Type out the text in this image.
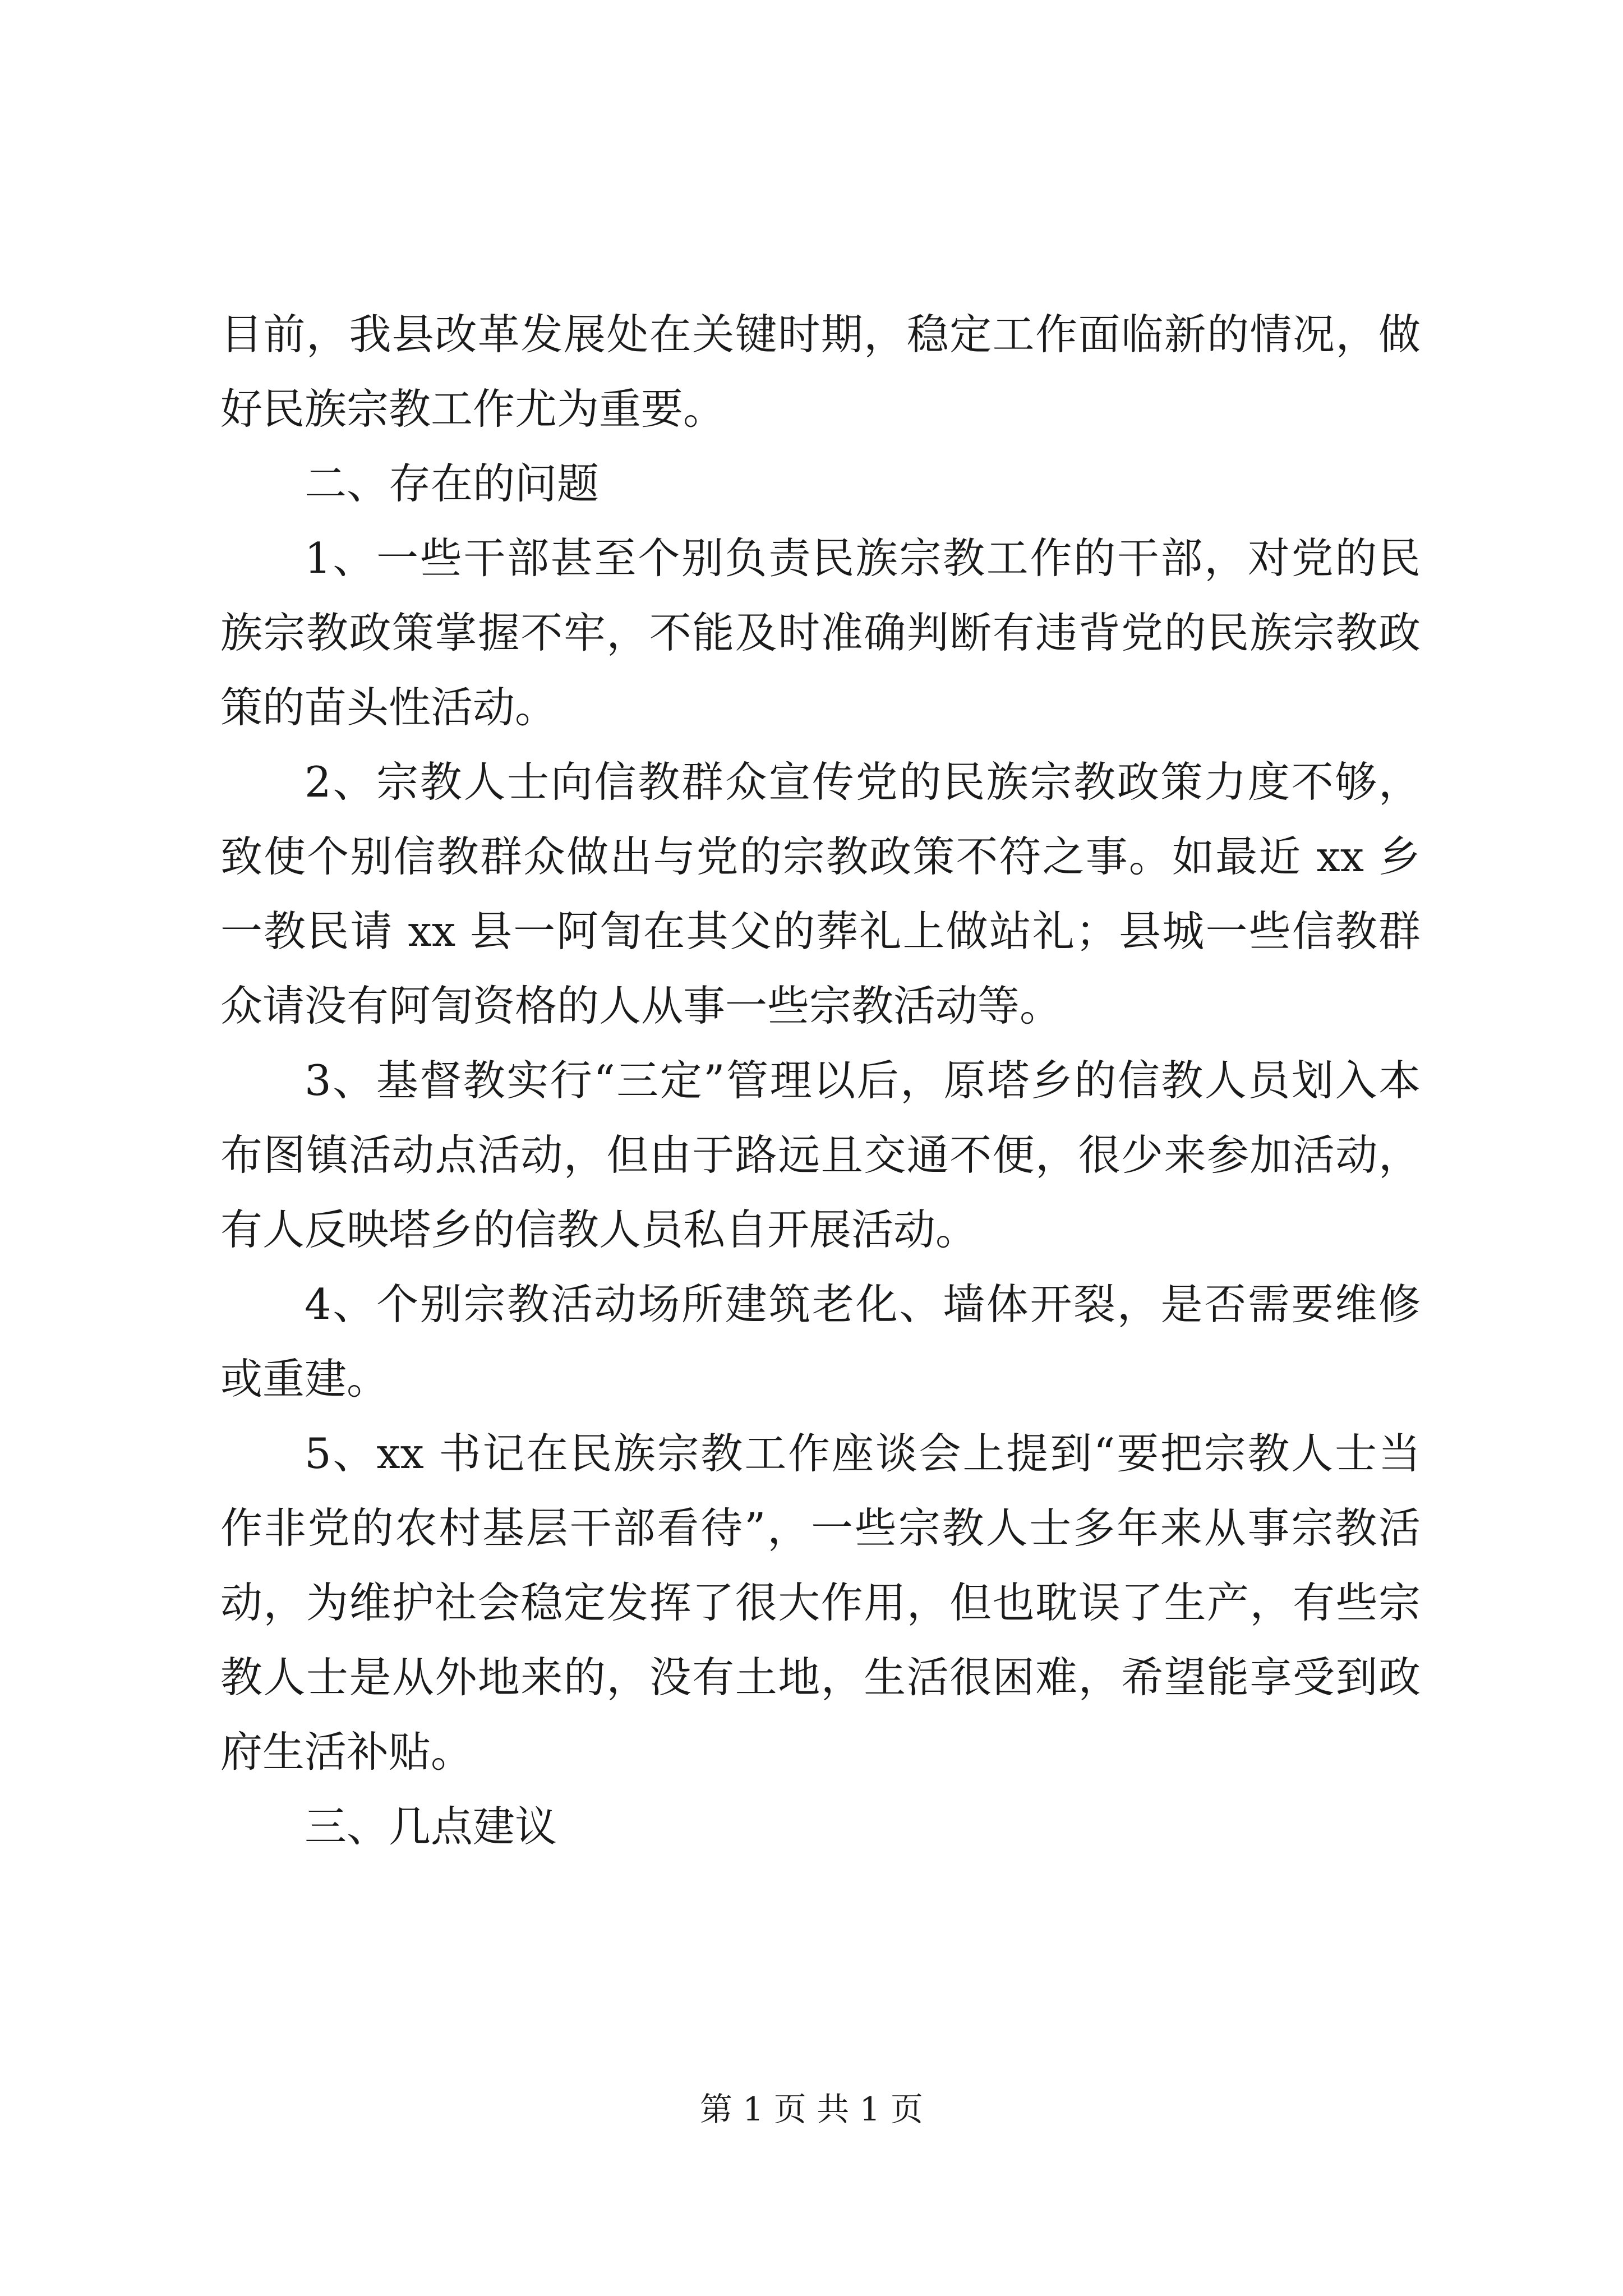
目前，我县改革发展处在关键时期，稳定工作面临新的情况，做好民族宗教工作尤为重要。

二、存在的问题

1、一些干部甚至个别负责民族宗教工作的干部，对党的民族宗教政策掌握不牢，不能及时准确判断有违背党的民族宗教政策的苗头性活动。

2、宗教人士向信教群众宣传党的民族宗教政策力度不够，致使个别信教群众做出与党的宗教政策不符之事。如最近 xx 乡一教民请 xx 县一阿訇在其父的葬礼上做站礼；县城一些信教群众请没有阿訇资格的人从事一些宗教活动等。

3、基督教实行“三定”管理以后，原塔乡的信教人员划入本布图镇活动点活动，但由于路远且交通不便，很少来参加活动，有人反映塔乡的信教人员私自开展活动。

4、个别宗教活动场所建筑老化、墙体开裂，是否需要维修或重建。

5、xx 书记在民族宗教工作座谈会上提到“要把宗教人士当作非党的农村基层干部看待”，一些宗教人士多年来从事宗教活动，为维护社会稳定发挥了很大作用，但也耽误了生产，有些宗教人士是从外地来的，没有土地，生活很困难，希望能享受到政府生活补贴。

三、几点建议

第 1 页 共 1 页
